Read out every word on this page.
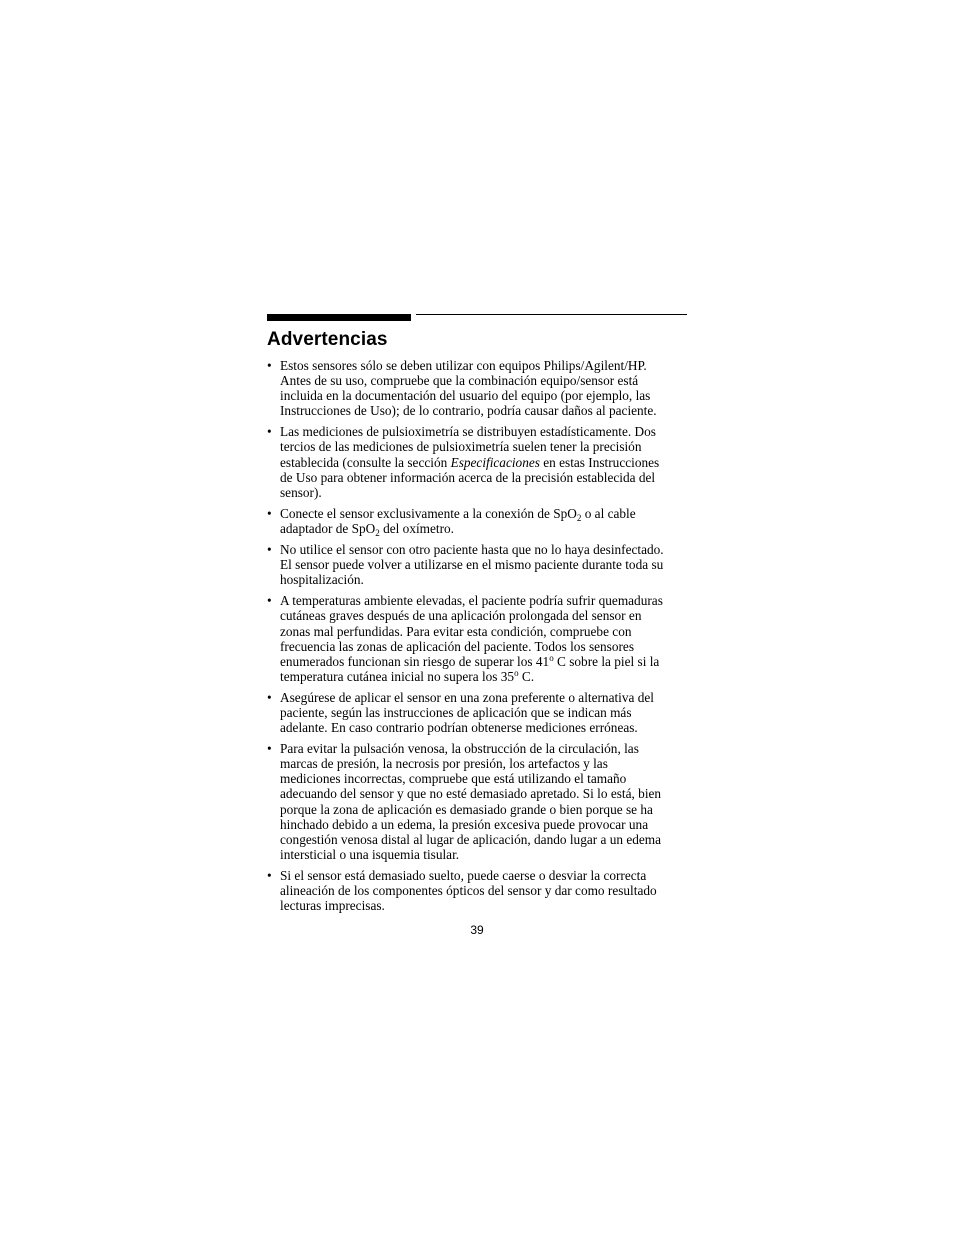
Advertencias
• Estos sensores sólo se deben utilizar con equipos Philips/Agilent/HP.
Antes de su uso, compruebe que la combinación equipo/sensor está
incluida en la documentación del usuario del equipo (por ejemplo, las
Instrucciones de Uso); de lo contrario, podría causar daños al paciente.
• Las mediciones de pulsioximetría se distribuyen estadísticamente. Dos
tercios de las mediciones de pulsioximetría suelen tener la precisión
establecida (consulte la sección Especificaciones en estas Instrucciones
de Uso para obtener información acerca de la precisión establecida del
sensor).
• Conecte el sensor exclusivamente a la conexión de SpO$_2$ o al cable
adaptador de SpO$_2$ del oxímetro.
• No utilice el sensor con otro paciente hasta que no lo haya desinfectado.
El sensor puede volver a utilizarse en el mismo paciente durante toda su
hospitalización.
• A temperaturas ambiente elevadas, el paciente podría sufrir quemaduras
cutáneas graves después de una aplicación prolongada del sensor en
zonas mal perfundidas. Para evitar esta condición, compruebe con
frecuencia las zonas de aplicación del paciente. Todos los sensores
enumerados funcionan sin riesgo de superar los 41$^o$ C sobre la piel si la
temperatura cutánea inicial no supera los 35$^o$ C.
• Asegúrese de aplicar el sensor en una zona preferente o alternativa del
paciente, según las instrucciones de aplicación que se indican más
adelante. En caso contrario podrían obtenerse mediciones erróneas.
• Para evitar la pulsación venosa, la obstrucción de la circulación, las
marcas de presión, la necrosis por presión, los artefactos y las
mediciones incorrectas, compruebe que está utilizando el tamaño
adecuando del sensor y que no esté demasiado apretado. Si lo está, bien
porque la zona de aplicación es demasiado grande o bien porque se ha
hinchado debido a un edema, la presión excesiva puede provocar una
congestión venosa distal al lugar de aplicación, dando lugar a un edema
intersticial o una isquemia tisular.
• Si el sensor está demasiado suelto, puede caerse o desviar la correcta
alineación de los componentes ópticos del sensor y dar como resultado
lecturas imprecisas.
39
